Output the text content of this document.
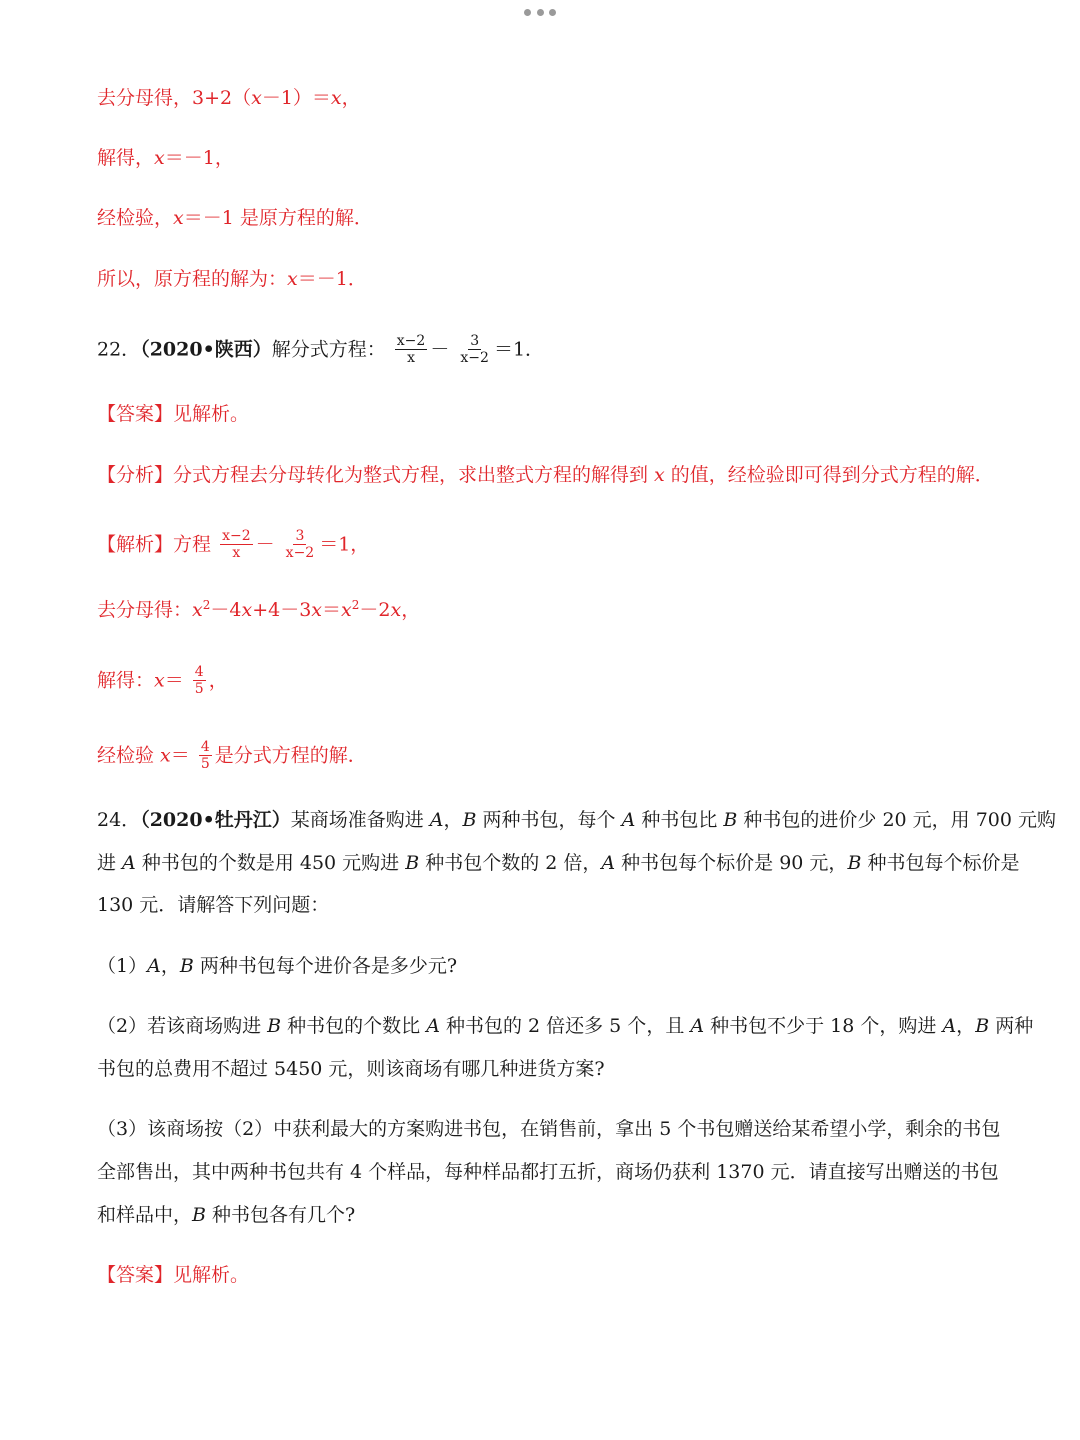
去分母得，3+2（x－1）＝x，
解得，x＝－1，
经检验，x＝－1 是原方程的解．
所以，原方程的解为：x＝－1．
22．（2020•陕西）解分式方程： $\frac{x-2}{x} - \frac{3}{x-2} =1$．
【答案】见解析。
【分析】分式方程去分母转化为整式方程，求出整式方程的解得到 x 的值，经检验即可得到分式方程的解．
【解析】方程 $\frac{x-2}{x} - \frac{3}{x-2} =1$，
去分母得：$x^2-4x+4-3x=x^2-2x$，
解得：$x= \frac{4}{5}$ ，
经检验 $x= \frac{4}{5}$ 是分式方程的解．
24．（2020•牡丹江）某商场准备购进 A，B 两种书包，每个 A 种书包比 B 种书包的进价少 20 元，用 700 元购
进 A 种书包的个数是用 450 元购进 B 种书包个数的 2 倍，A 种书包每个标价是 90 元，B 种书包每个标价是
130 元．请解答下列问题：
（1）A，B 两种书包每个进价各是多少元?
（2）若该商场购进 B 种书包的个数比 A 种书包的 2 倍还多 5 个，且 A 种书包不少于 18 个，购进 A，B 两种
书包的总费用不超过 5450 元，则该商场有哪几种进货方案?
（3）该商场按（2）中获利最大的方案购进书包，在销售前，拿出 5 个书包赠送给某希望小学，剩余的书包
全部售出，其中两种书包共有 4 个样品，每种样品都打五折，商场仍获利 1370 元．请直接写出赠送的书包
和样品中，B 种书包各有几个?
【答案】见解析。
